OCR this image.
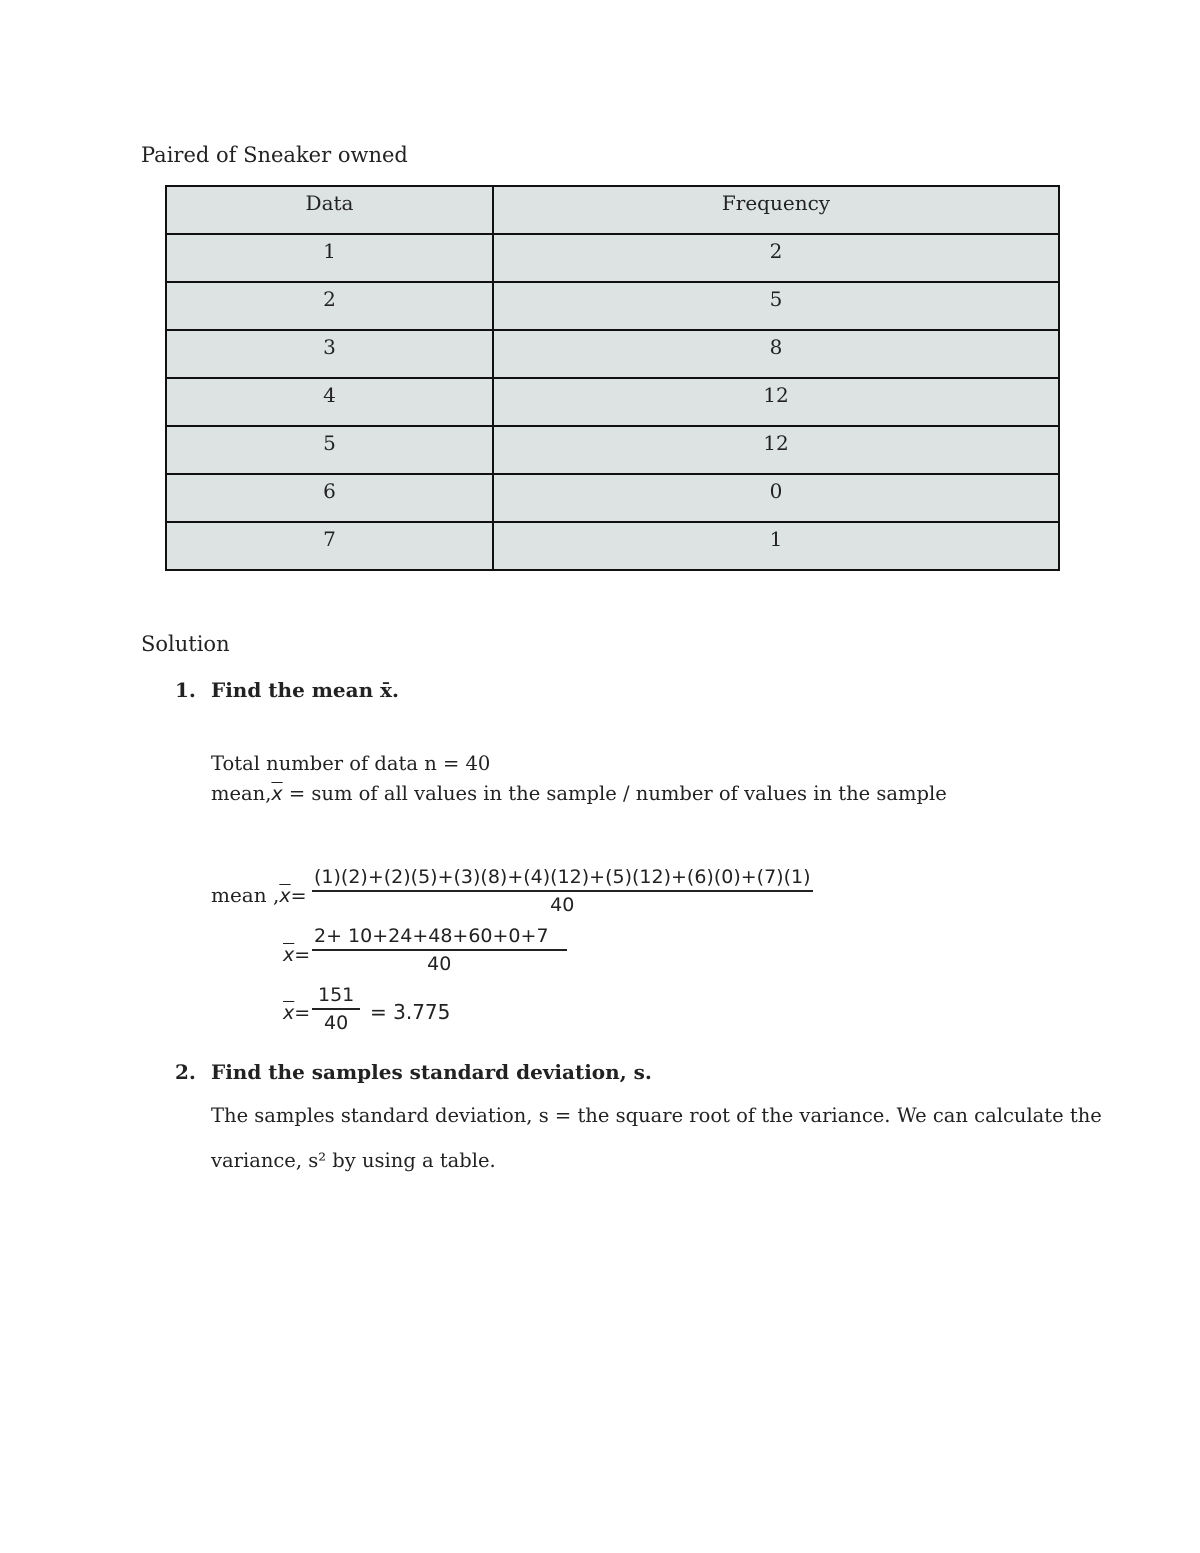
Paired of Sneaker owned
Data	Frequency
1	2
2	5
3	8
4	12
5	12
6	0
7	1
Solution
1. Find the mean x̄.
Total number of data n = 40
$mean,\overline{x}$ = sum of all values in the sample / number of values in the sample
mean $,\overline{x}= \frac{(1)(2)+(2)(5)+(3)(8)+(4)(12)+(5)(12)+(6)(0)+(7)(1)}{40}$
$\overline{x}= \frac{2+ 10+24+48+60+0+7}{40}$
$\overline{x}= \frac{151}{40} = 3.775$
2. Find the samples standard deviation, s.
The samples standard deviation, s = the square root of the variance. We can calculate the
variance, s² by using a table.
